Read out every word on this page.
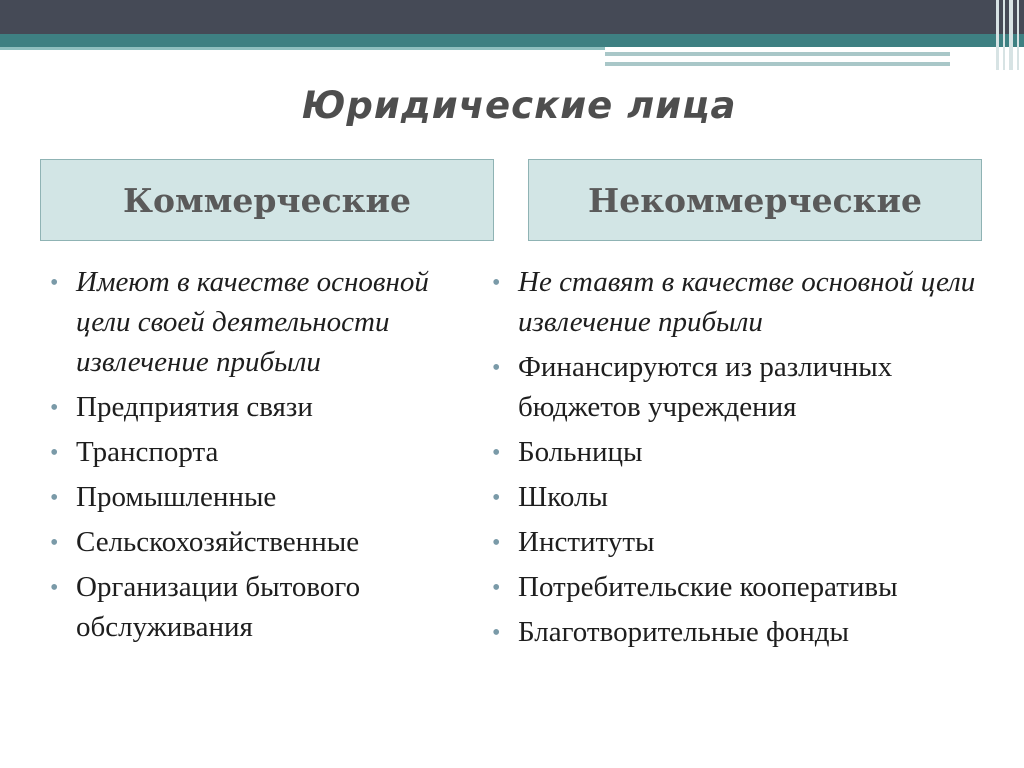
Юридические лица
Коммерческие	Некоммерческие
• Имеют в качестве основной цели своей деятельности извлечение прибыли
• Предприятия связи
• Транспорта
• Промышленные
• Сельскохозяйственные
• Организации бытового обслуживания
• Не ставят в качестве основной цели извлечение прибыли
• Финансируются из различных бюджетов учреждения
• Больницы
• Школы
• Институты
• Потребительские кооперативы
• Благотворительные фонды
